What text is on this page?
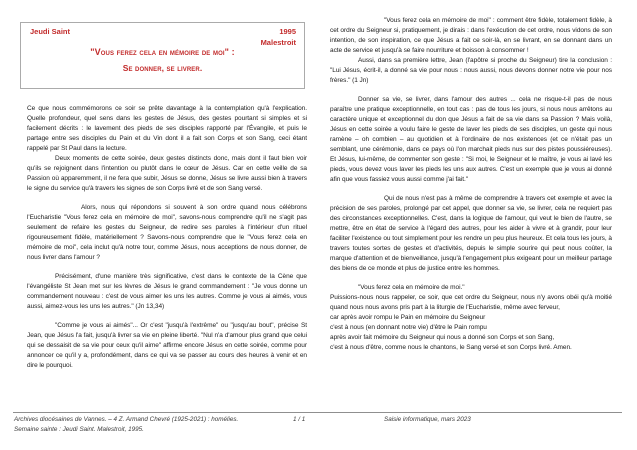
Jeudi Saint	1995
Malestroit
"Vous ferez cela en mémoire de moi" :
Se donner, se livrer.

Ce que nous commémorons ce soir se prête davantage à la contemplation qu'à l'explication. Quelle profondeur, quel sens dans les gestes de Jésus, des gestes pourtant si simples et si facilement décrits : le lavement des pieds de ses disciples rapporté par l'Évangile, et puis le partage entre ses disciples du Pain et du Vin dont il a fait son Corps et son Sang, ceci étant rappelé par St Paul dans la lecture.

Deux moments de cette soirée, deux gestes distincts donc, mais dont il faut bien voir qu'ils se rejoignent dans l'intention ou plutôt dans le cœur de Jésus. Car en cette veille de sa Passion où apparemment, il ne fera que subir, Jésus se donne, Jésus se livre aussi bien à travers le signe du service qu'à travers les signes de son Corps livré et de son Sang versé.

Alors, nous qui répondons si souvent à son ordre quand nous célébrons l'Eucharistie "Vous ferez cela en mémoire de moi", savons-nous comprendre qu'il ne s'agit pas seulement de refaire les gestes du Seigneur, de redire ses paroles à l'intérieur d'un rituel rigoureusement fidèle, matériellement ? Savons-nous comprendre que le "Vous ferez cela en mémoire de moi", cela inclut qu'à notre tour, comme Jésus, nous acceptions de nous donner, de nous livrer dans l'amour ?

Précisément, d'une manière très significative, c'est dans le contexte de la Cène que l'évangéliste St Jean met sur les lèvres de Jésus le grand commandement : "Je vous donne un commandement nouveau : c'est de vous aimer les uns les autres. Comme je vous ai aimés, vous aussi, aimez-vous les uns les autres." (Jn 13,34)

"Comme je vous ai aimés"... Or c'est "jusqu'à l'extrême" ou "jusqu'au bout", précise St Jean, que Jésus l'a fait, jusqu'à livrer sa vie en pleine liberté. "Nul n'a d'amour plus grand que celui qui se dessaisit de sa vie pour ceux qu'il aime" affirme encore Jésus en cette soirée, comme pour annoncer ce qu'il y a, profondément, dans ce qui va se passer au cours des heures à venir et en dire le pourquoi.

"Vous ferez cela en mémoire de moi" : comment être fidèle, totalement fidèle, à cet ordre du Seigneur si, pratiquement, je dirais : dans l'exécution de cet ordre, nous vidons de son intention, de son inspiration, ce que Jésus a fait ce soir-là, en se livrant, en se donnant dans un acte de service et jusqu'à se faire nourriture et boisson à consommer !

Aussi, dans sa première lettre, Jean (l'apôtre si proche du Seigneur) tire la conclusion : "Lui Jésus, écrit-il, a donné sa vie pour nous : nous aussi, nous devons donner notre vie pour nos frères." (1 Jn)

Donner sa vie, se livrer, dans l'amour des autres ... cela ne risque-t-il pas de nous paraître une pratique exceptionnelle, en tout cas : pas de tous les jours, si nous nous arrêtons au caractère unique et exceptionnel du don que Jésus a fait de sa vie dans sa Passion ? Mais voilà, Jésus en cette soirée a voulu faire le geste de laver les pieds de ses disciples, un geste qui nous ramène – oh combien – au quotidien et à l'ordinaire de nos existences (et ce n'était pas un semblant, une cérémonie, dans ce pays où l'on marchait pieds nus sur des pistes poussiéreuses). Et Jésus, lui-même, de commenter son geste : "Si moi, le Seigneur et le maître, je vous ai lavé les pieds, vous devez vous laver les pieds les uns aux autres. C'est un exemple que je vous ai donné afin que vous fassiez vous aussi comme j'ai fait."

Qui de nous n'est pas à même de comprendre à travers cet exemple et avec la précision de ses paroles, prolongé par cet appel, que donner sa vie, se livrer, cela ne requiert pas des circonstances exceptionnelles. C'est, dans la logique de l'amour, qui veut le bien de l'autre, se mettre, être en état de service à l'égard des autres, pour les aider à vivre et à grandir, pour leur faciliter l'existence ou tout simplement pour les rendre un peu plus heureux. Et cela tous les jours, à travers toutes sortes de gestes et d'activités, depuis le simple sourire qui peut nous coûter, la marque d'attention et de bienveillance, jusqu'à l'engagement plus exigeant pour un meilleur partage des biens de ce monde et plus de justice entre les hommes.

"Vous ferez cela en mémoire de moi."

Puissions-nous nous rappeler, ce soir, que cet ordre du Seigneur, nous n'y avons obéi qu'à moitié quand nous nous avons pris part à la liturgie de l'Eucharistie, même avec ferveur,

car après avoir rompu le Pain en mémoire du Seigneur

c'est à nous (en donnant notre vie) d'être le Pain rompu

après avoir fait mémoire du Seigneur qui nous a donné son Corps et son Sang,

c'est à nous d'être, comme nous le chantons, le Sang versé et son Corps livré. Amen.

Archives diocésaines de Vannes. – 4 Z. Armand Chevré (1925-2021) : homélies.	1 / 1
Semaine sainte : Jeudi Saint. Malestroit, 1995.
Saisie informatique, mars 2023
